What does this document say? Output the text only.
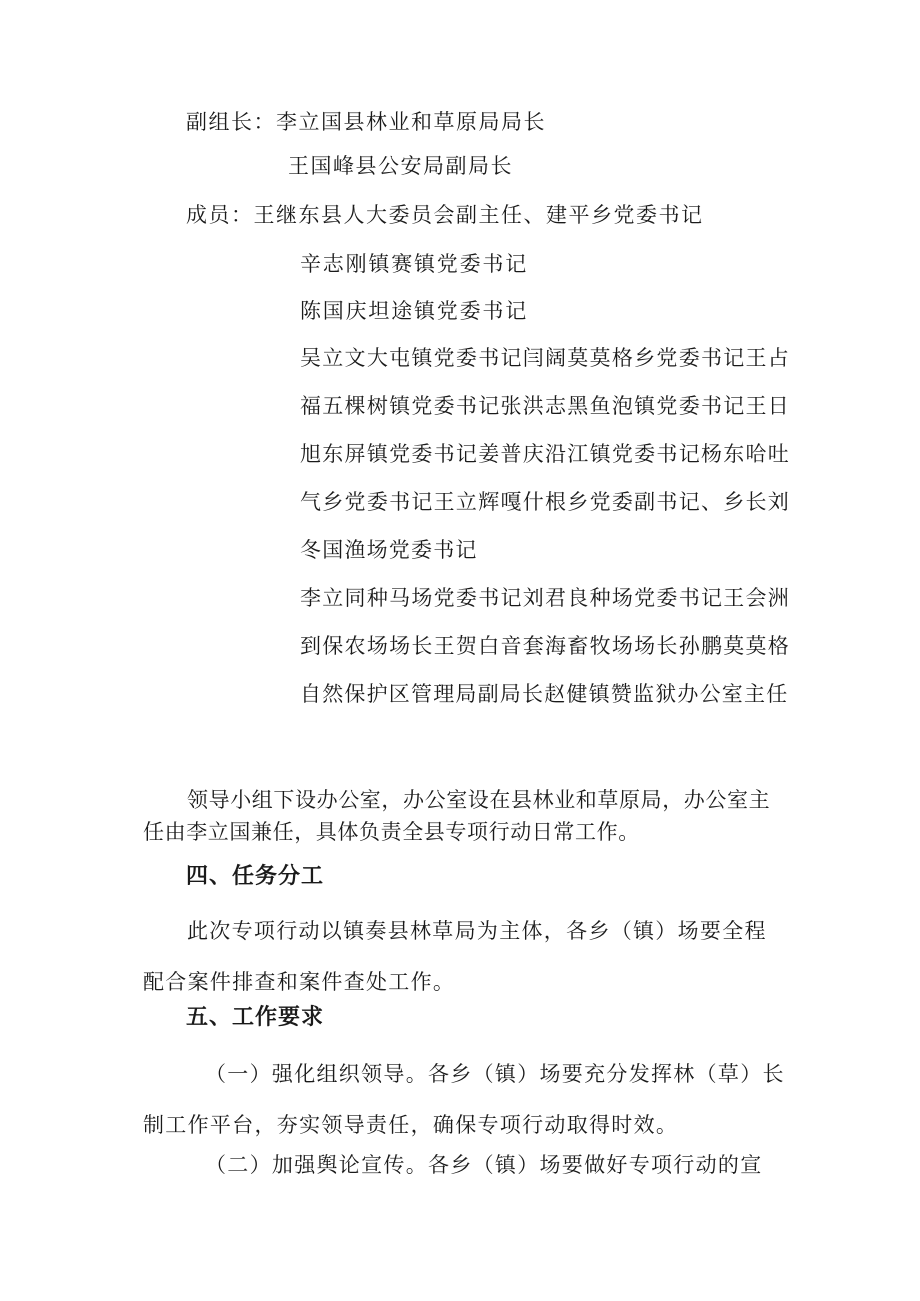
副组长：李立国县林业和草原局局长
王国峰县公安局副局长
成员：王继东县人大委员会副主任、建平乡党委书记
辛志刚镇赛镇党委书记
陈国庆坦途镇党委书记
吴立文大屯镇党委书记闫阔莫莫格乡党委书记王占福五棵树镇党委书记张洪志黑鱼泡镇党委书记王日旭东屏镇党委书记姜普庆沿江镇党委书记杨东哈吐气乡党委书记王立辉嘎什根乡党委副书记、乡长刘冬国渔场党委书记
李立同种马场党委书记刘君良种场党委书记王会洲到保农场场长王贺白音套海畜牧场场长孙鹏莫莫格自然保护区管理局副局长赵健镇赞监狱办公室主任
领导小组下设办公室，办公室设在县林业和草原局，办公室主任由李立国兼任，具体负责全县专项行动日常工作。
四、任务分工
此次专项行动以镇奏县林草局为主体，各乡（镇）场要全程配合案件排查和案件查处工作。
五、工作要求
（一）强化组织领导。各乡（镇）场要充分发挥林（草）长制工作平台，夯实领导责任，确保专项行动取得时效。
（二）加强舆论宣传。各乡（镇）场要做好专项行动的宣
